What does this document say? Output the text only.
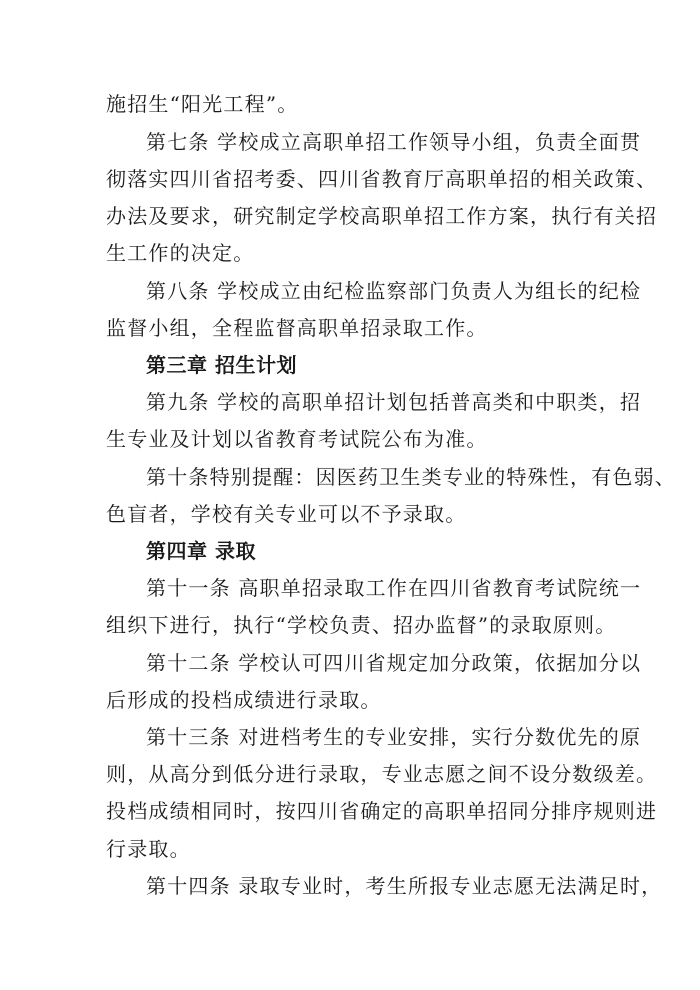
施招生“阳光工程”。
第七条 学校成立高职单招工作领导小组，负责全面贯
彻落实四川省招考委、四川省教育厅高职单招的相关政策、
办法及要求，研究制定学校高职单招工作方案，执行有关招
生工作的决定。
第八条 学校成立由纪检监察部门负责人为组长的纪检
监督小组，全程监督高职单招录取工作。
第三章 招生计划
第九条 学校的高职单招计划包括普高类和中职类，招
生专业及计划以省教育考试院公布为准。
第十条特别提醒：因医药卫生类专业的特殊性，有色弱、
色盲者，学校有关专业可以不予录取。
第四章 录取
第十一条 高职单招录取工作在四川省教育考试院统一
组织下进行，执行“学校负责、招办监督”的录取原则。
第十二条 学校认可四川省规定加分政策，依据加分以
后形成的投档成绩进行录取。
第十三条 对进档考生的专业安排，实行分数优先的原
则，从高分到低分进行录取，专业志愿之间不设分数级差。
投档成绩相同时，按四川省确定的高职单招同分排序规则进
行录取。
第十四条 录取专业时，考生所报专业志愿无法满足时，
